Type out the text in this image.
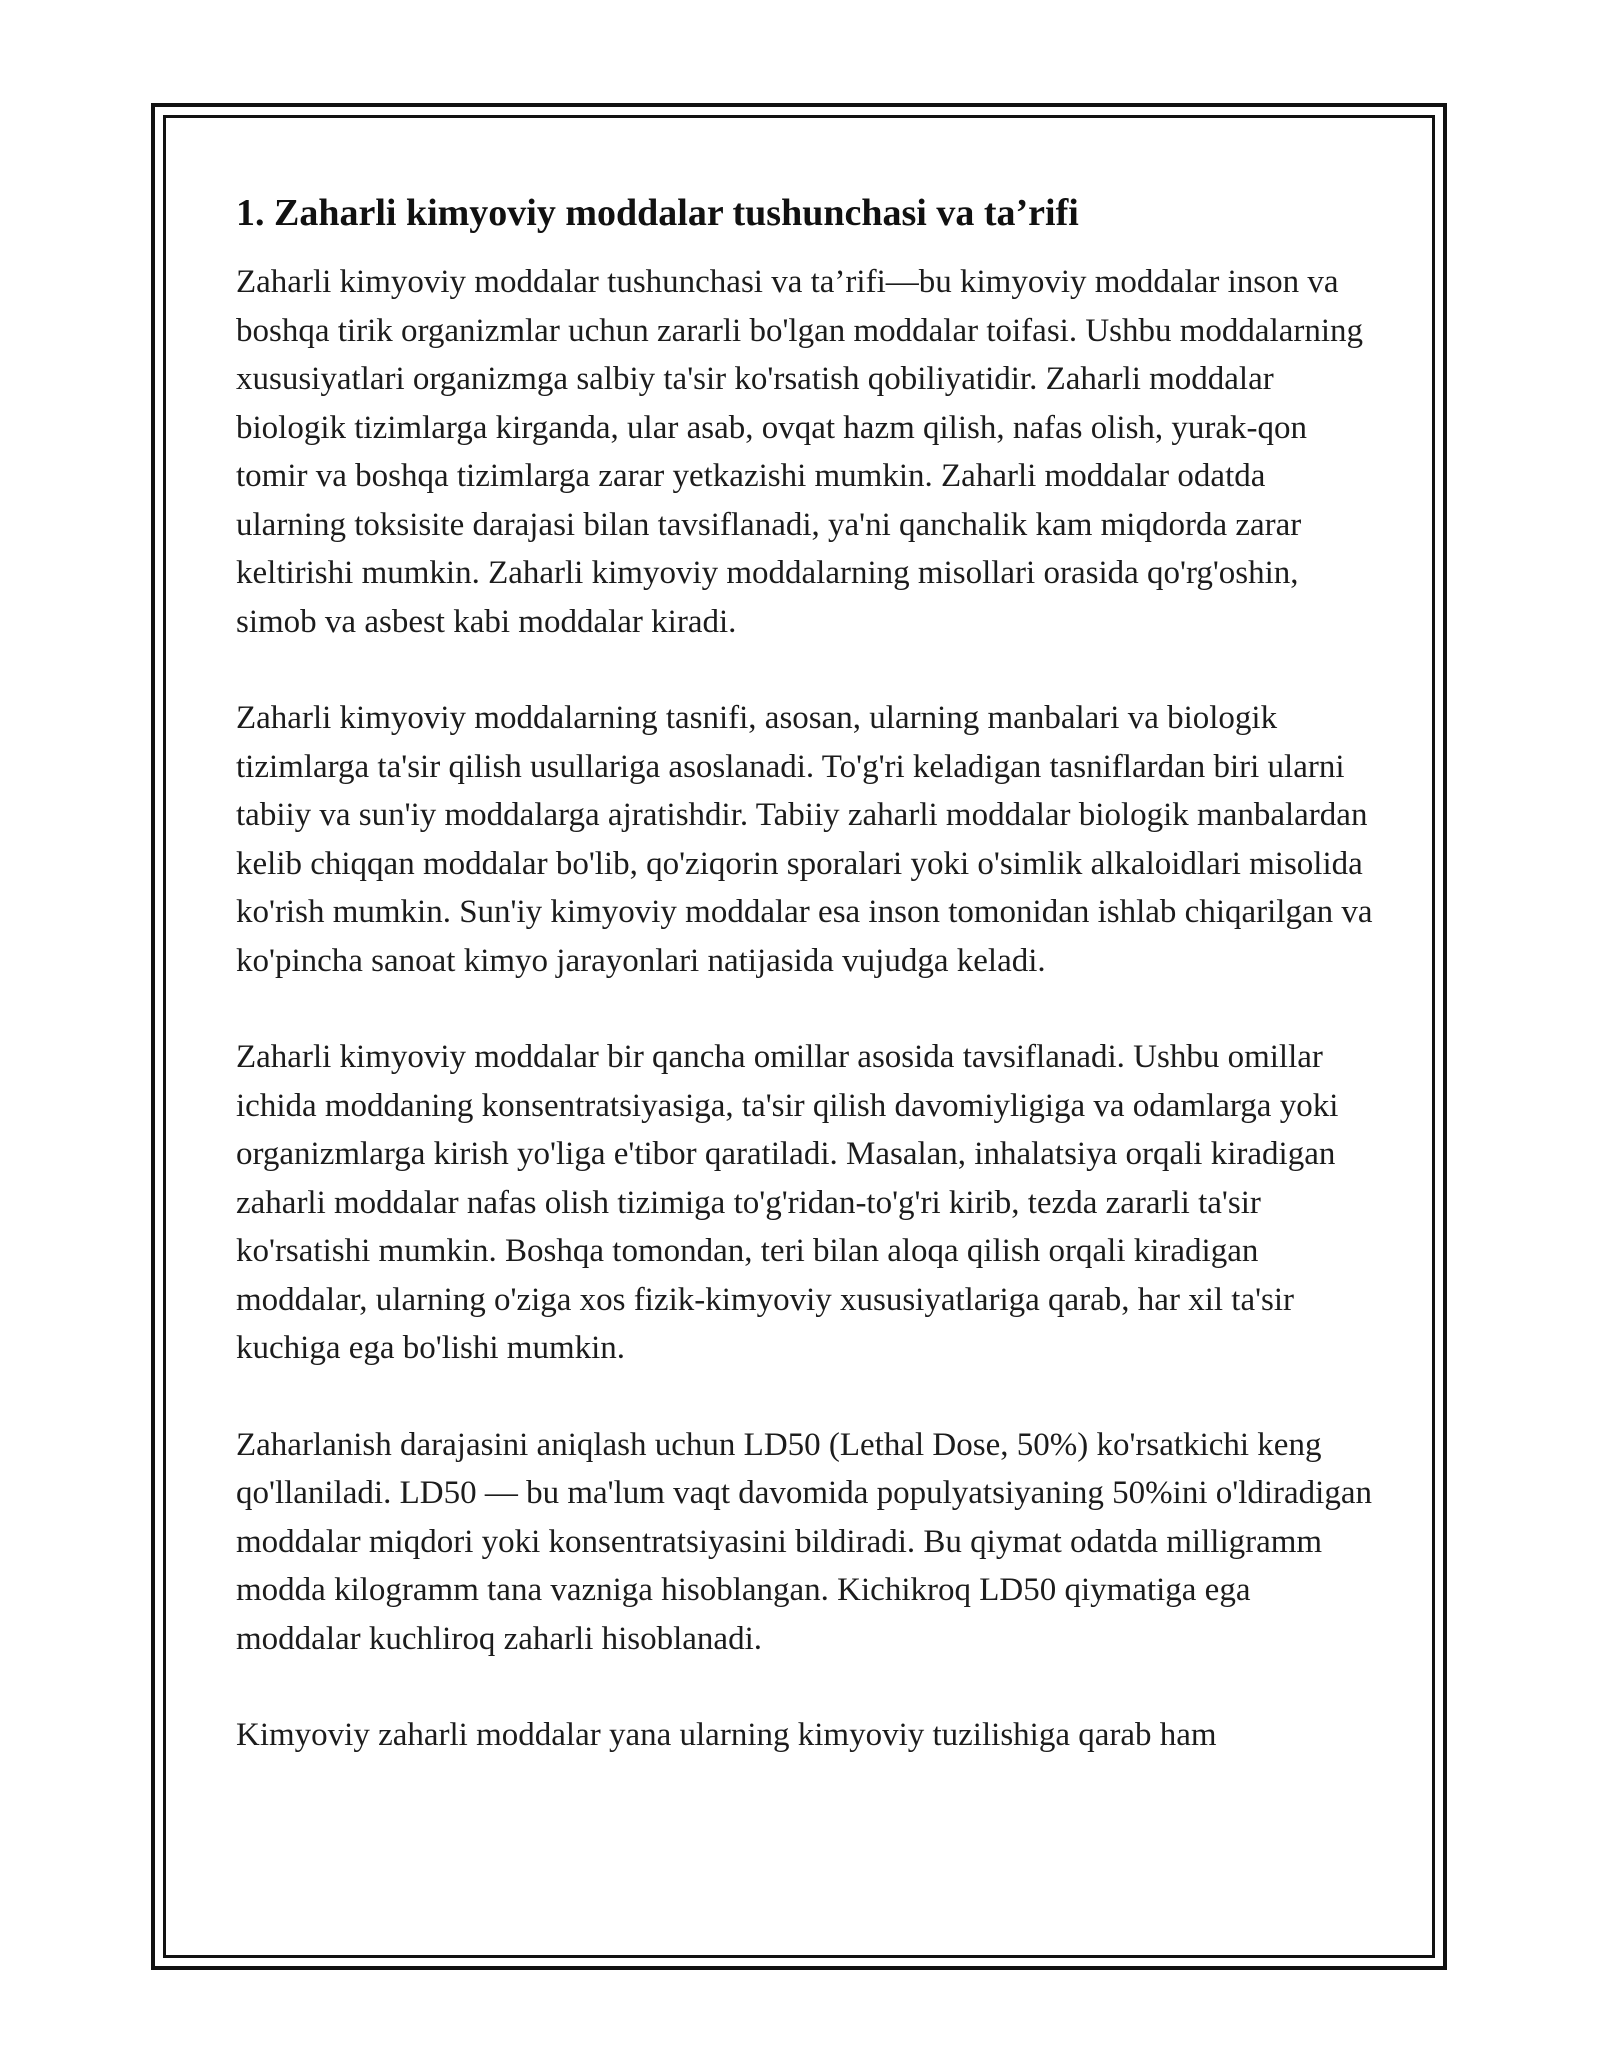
1. Zaharli kimyoviy moddalar tushunchasi va ta’rifi

Zaharli kimyoviy moddalar tushunchasi va ta’rifi—bu kimyoviy moddalar inson va boshqa tirik organizmlar uchun zararli bo'lgan moddalar toifasi. Ushbu moddalarning xususiyatlari organizmga salbiy ta'sir ko'rsatish qobiliyatidir. Zaharli moddalar biologik tizimlarga kirganda, ular asab, ovqat hazm qilish, nafas olish, yurak-qon tomir va boshqa tizimlarga zarar yetkazishi mumkin. Zaharli moddalar odatda ularning toksisite darajasi bilan tavsiflanadi, ya'ni qanchalik kam miqdorda zarar keltirishi mumkin. Zaharli kimyoviy moddalarning misollari orasida qo'rg'oshin, simob va asbest kabi moddalar kiradi.

Zaharli kimyoviy moddalarning tasnifi, asosan, ularning manbalari va biologik tizimlarga ta'sir qilish usullariga asoslanadi. To'g'ri keladigan tasniflardan biri ularni tabiiy va sun'iy moddalarga ajratishdir. Tabiiy zaharli moddalar biologik manbalardan kelib chiqqan moddalar bo'lib, qo'ziqorin sporalari yoki o'simlik alkaloidlari misolida ko'rish mumkin. Sun'iy kimyoviy moddalar esa inson tomonidan ishlab chiqarilgan va ko'pincha sanoat kimyo jarayonlari natijasida vujudga keladi.

Zaharli kimyoviy moddalar bir qancha omillar asosida tavsiflanadi. Ushbu omillar ichida moddaning konsentratsiyasiga, ta'sir qilish davomiyligiga va odamlarga yoki organizmlarga kirish yo'liga e'tibor qaratiladi. Masalan, inhalatsiya orqali kiradigan zaharli moddalar nafas olish tizimiga to'g'ridan-to'g'ri kirib, tezda zararli ta'sir ko'rsatishi mumkin. Boshqa tomondan, teri bilan aloqa qilish orqali kiradigan moddalar, ularning o'ziga xos fizik-kimyoviy xususiyatlariga qarab, har xil ta'sir kuchiga ega bo'lishi mumkin.

Zaharlanish darajasini aniqlash uchun LD50 (Lethal Dose, 50%) ko'rsatkichi keng qo'llaniladi. LD50 — bu ma'lum vaqt davomida populyatsiyaning 50%ini o'ldiradigan moddalar miqdori yoki konsentratsiyasini bildiradi. Bu qiymat odatda milligramm modda kilogramm tana vazniga hisoblangan. Kichikroq LD50 qiymatiga ega moddalar kuchliroq zaharli hisoblanadi.

Kimyoviy zaharli moddalar yana ularning kimyoviy tuzilishiga qarab ham
